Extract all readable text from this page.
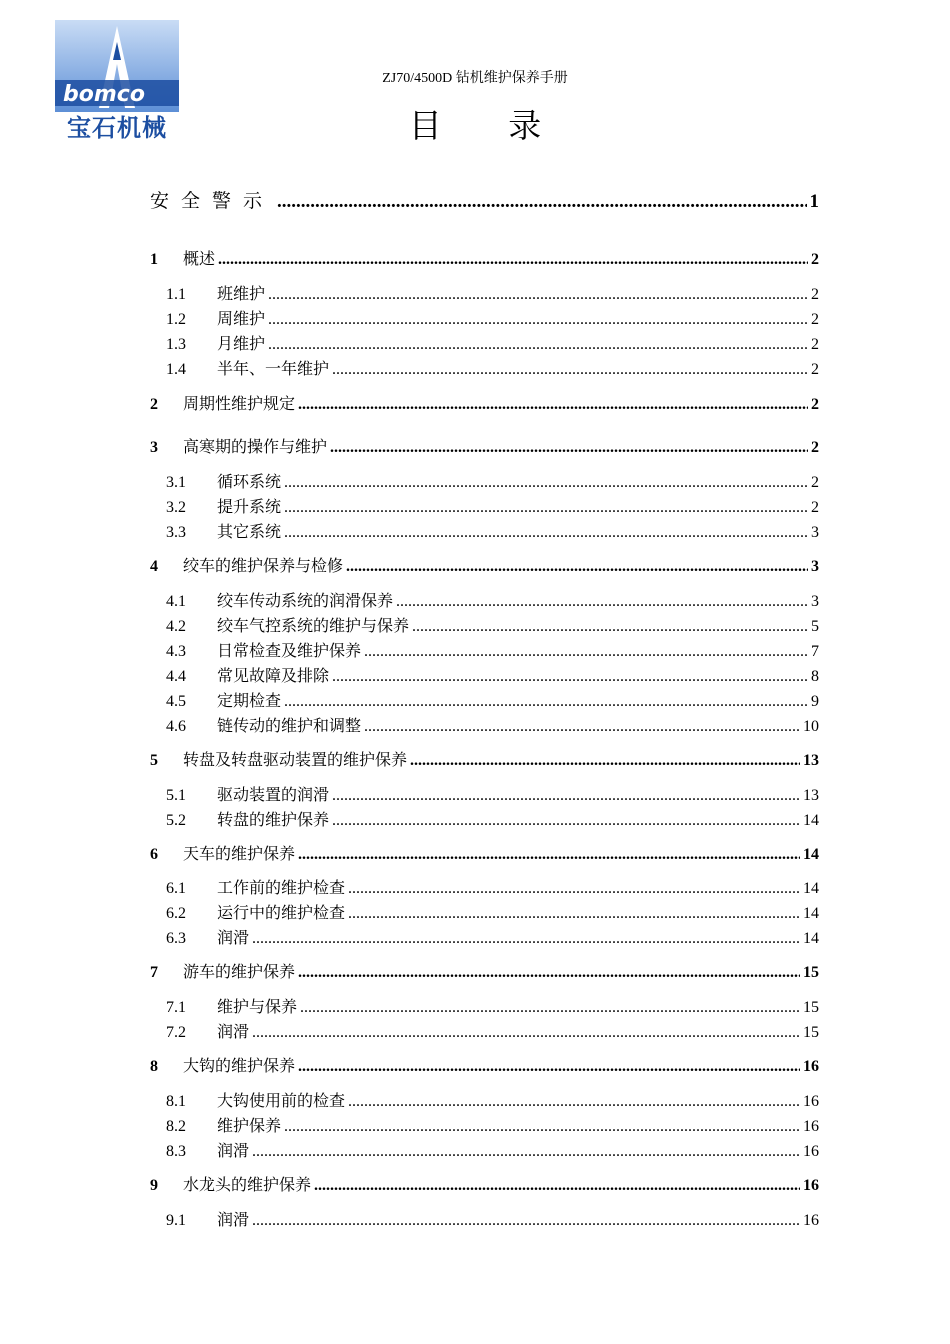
bomco
宝石机械
ZJ70/4500D 钻机维护保养手册
目 录
安全警示 .....	1
1	概述 .....	2
1.1	班维护 .....	2
1.2	周维护 .....	2
1.3	月维护 .....	2
1.4	半年、一年维护 .....	2
2	周期性维护规定 .....	2
3	高寒期的操作与维护 .....	2
3.1	循环系统 .....	2
3.2	提升系统 .....	2
3.3	其它系统 .....	3
4	绞车的维护保养与检修 .....	3
4.1	绞车传动系统的润滑保养 .....	3
4.2	绞车气控系统的维护与保养 .....	5
4.3	日常检查及维护保养 .....	7
4.4	常见故障及排除 .....	8
4.5	定期检查 .....	9
4.6	链传动的维护和调整 .....	10
5	转盘及转盘驱动装置的维护保养 .....	13
5.1	驱动装置的润滑 .....	13
5.2	转盘的维护保养 .....	14
6	天车的维护保养 .....	14
6.1	工作前的维护检查 .....	14
6.2	运行中的维护检查 .....	14
6.3	润滑 .....	14
7	游车的维护保养 .....	15
7.1	维护与保养 .....	15
7.2	润滑 .....	15
8	大钩的维护保养 .....	16
8.1	大钩使用前的检查 .....	16
8.2	维护保养 .....	16
8.3	润滑 .....	16
9	水龙头的维护保养 .....	16
9.1	润滑 .....	16
